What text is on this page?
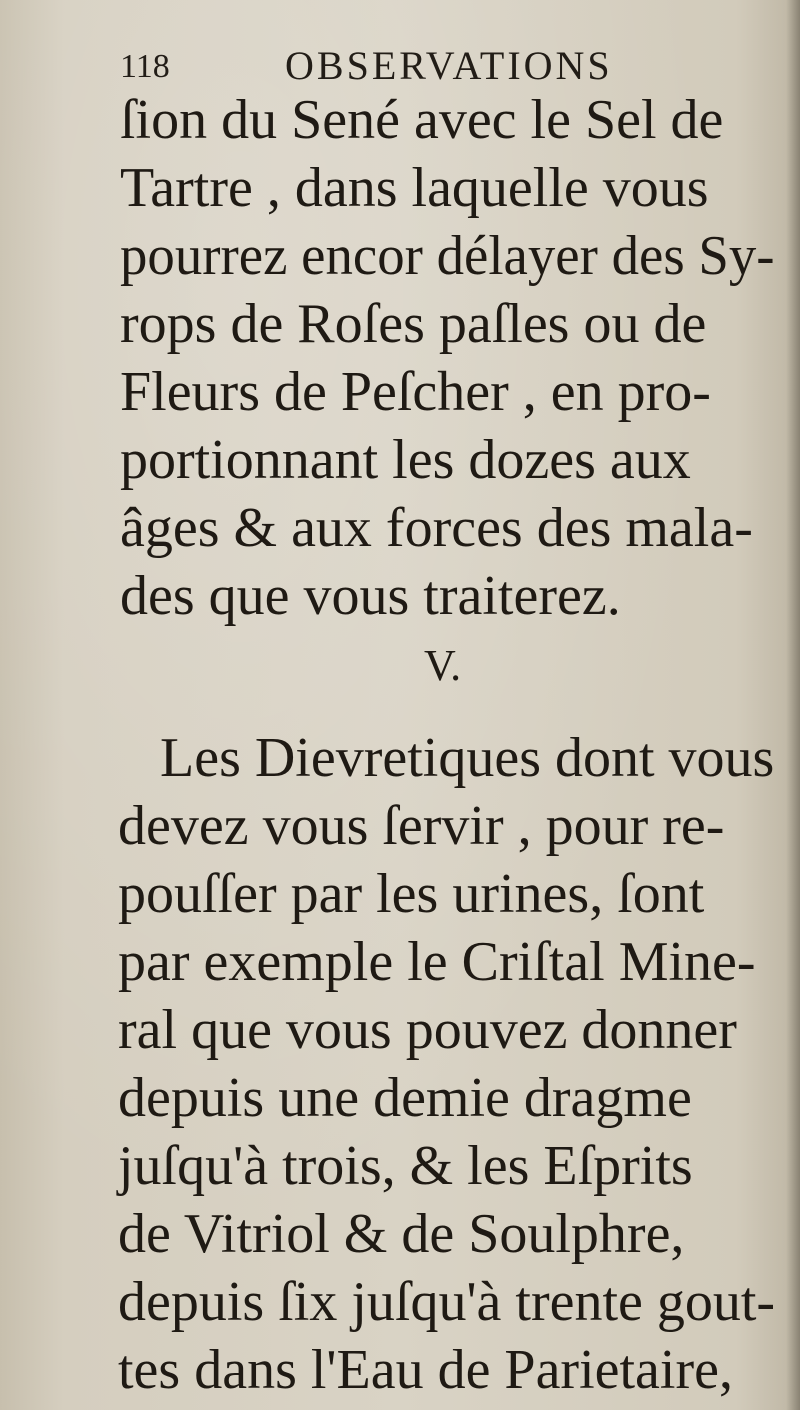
118	OBSERVATIONS
ſion du Sené avec le Sel de
Tartre , dans laquelle vous
pourrez encor délayer des Sy-
rops de Roſes paſles ou de
Fleurs de Peſcher , en pro-
portionnant les dozes aux
âges & aux forces des mala-
des que vous traiterez.
V.
Les Dievretiques dont vous
devez vous ſervir , pour re-
pouſſer par les urines, ſont
par exemple le Criſtal Mine-
ral que vous pouvez donner
depuis une demie dragme
juſqu'à trois, & les Eſprits
de Vitriol & de Soulphre,
depuis ſix juſqu'à trente gout-
tes dans l'Eau de Parietaire,
